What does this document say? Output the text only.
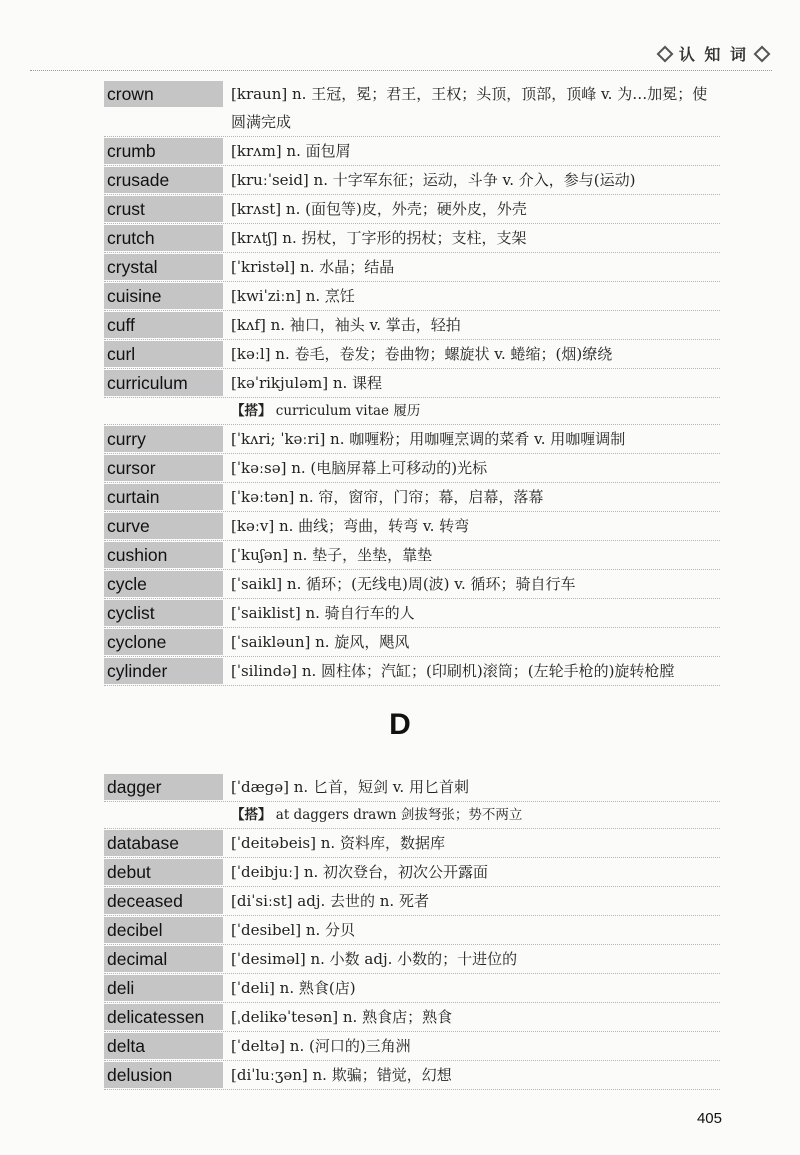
认 知 词
crown	[kraun] n. 王冠，冕；君王，王权；头顶，顶部，顶峰 v. 为…加冕；使圆满完成
crumb	[krʌm] n. 面包屑
crusade	[kruːˈseid] n. 十字军东征；运动，斗争 v. 介入，参与(运动)
crust	[krʌst] n. (面包等)皮，外壳；硬外皮，外壳
crutch	[krʌtʃ] n. 拐杖，丁字形的拐杖；支柱，支架
crystal	[ˈkristəl] n. 水晶；结晶
cuisine	[kwiˈziːn] n. 烹饪
cuff	[kʌf] n. 袖口，袖头 v. 掌击，轻拍
curl	[kəːl] n. 卷毛，卷发；卷曲物；螺旋状 v. 蜷缩；(烟)缭绕
curriculum	[kəˈrikjuləm] n. 课程
【搭】 curriculum vitae 履历
curry	[ˈkʌri; ˈkəːri] n. 咖喱粉；用咖喱烹调的菜肴 v. 用咖喱调制
cursor	[ˈkəːsə] n. (电脑屏幕上可移动的)光标
curtain	[ˈkəːtən] n. 帘，窗帘，门帘；幕，启幕，落幕
curve	[kəːv] n. 曲线；弯曲，转弯 v. 转弯
cushion	[ˈkuʃən] n. 垫子，坐垫，靠垫
cycle	[ˈsaikl] n. 循环；(无线电)周(波) v. 循环；骑自行车
cyclist	[ˈsaiklist] n. 骑自行车的人
cyclone	[ˈsaikləun] n. 旋风，飓风
cylinder	[ˈsilində] n. 圆柱体；汽缸；(印刷机)滚筒；(左轮手枪的)旋转枪膛
D
dagger	[ˈdægə] n. 匕首，短剑 v. 用匕首刺
【搭】 at daggers drawn 剑拔弩张；势不两立
database	[ˈdeitəbeis] n. 资料库，数据库
debut	[ˈdeibjuː] n. 初次登台，初次公开露面
deceased	[diˈsiːst] adj. 去世的 n. 死者
decibel	[ˈdesibel] n. 分贝
decimal	[ˈdesiməl] n. 小数 adj. 小数的；十进位的
deli	[ˈdeli] n. 熟食(店)
delicatessen	[ˌdelikəˈtesən] n. 熟食店；熟食
delta	[ˈdeltə] n. (河口的)三角洲
delusion	[diˈluːʒən] n. 欺骗；错觉，幻想
405
